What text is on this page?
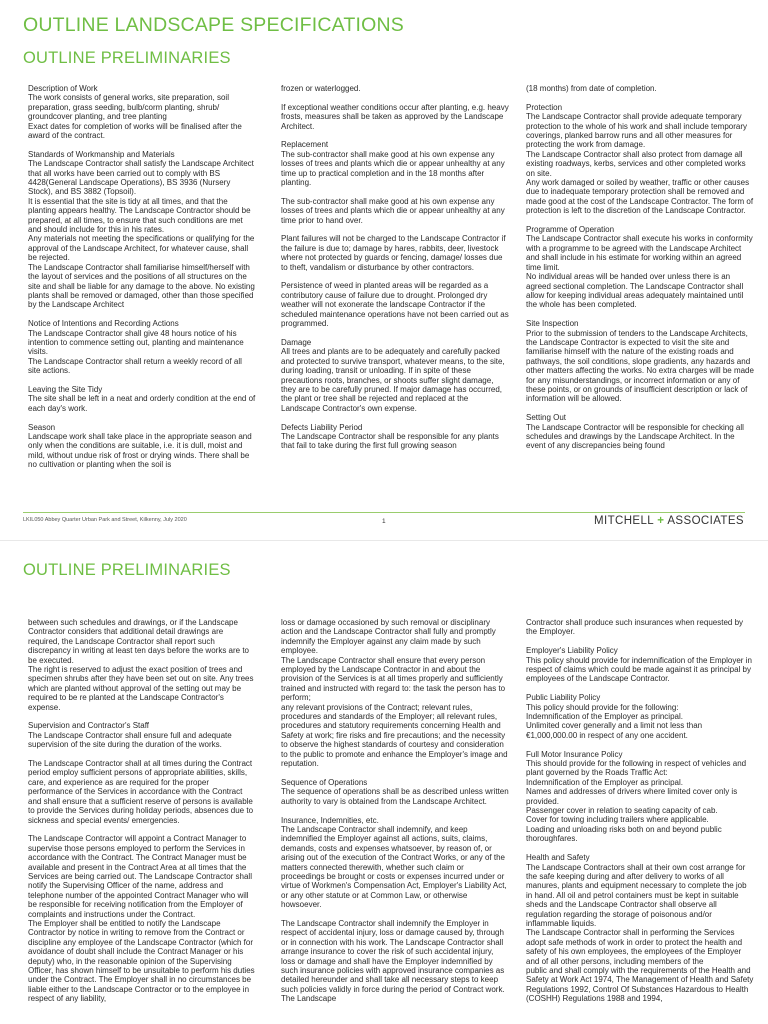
OUTLINE LANDSCAPE SPECIFICATIONS
OUTLINE PRELIMINARIES
Description of Work
The work consists of general works, site preparation, soil preparation, grass seeding, bulb/corm planting, shrub/ groundcover planting, and tree planting
Exact dates for completion of works will be finalised after the award of the contract.
Standards of Workmanship and Materials
The Landscape Contractor shall satisfy the Landscape Architect that all works have been carried out to comply with BS 4428(General Landscape Operations), BS 3936 (Nursery Stock), and BS 3882 (Topsoil).
It is essential that the site is tidy at all times, and that the planting appears healthy. The Landscape Contractor should be prepared, at all times, to ensure that such conditions are met and should include for this in his rates.
Any materials not meeting the specifications or qualifying for the approval of the Landscape Architect, for whatever cause, shall be rejected.
The Landscape Contractor shall familiarise himself/herself with the layout of services and the positions of all structures on the site and shall be liable for any damage to the above. No existing plants shall be removed or damaged, other than those specified by the Landscape Architect
Notice of Intentions and Recording Actions
The Landscape Contractor shall give 48 hours notice of his intention to commence setting out, planting and maintenance visits.
The Landscape Contractor shall return a weekly record of all site actions.
Leaving the Site Tidy
The site shall be left in a neat and orderly condition at the end of each day's work.
Season
Landscape work shall take place in the appropriate season and only when the conditions are suitable, i.e. it is dull, moist and mild, without undue risk of frost or drying winds. There shall be no cultivation or planting when the soil is
frozen or waterlogged.
If exceptional weather conditions occur after planting, e.g. heavy frosts, measures shall be taken as approved by the Landscape Architect.
Replacement
The sub-contractor shall make good at his own expense any losses of trees and plants which die or appear unhealthy at any time up to practical completion and in the 18 months after planting.
The sub-contractor shall make good at his own expense any losses of trees and plants which die or appear unhealthy at any time prior to hand over.
Plant failures will not be charged to the Landscape Contractor if the failure is due to; damage by hares, rabbits, deer, livestock where not protected by guards or fencing, damage/ losses due to theft, vandalism or disturbance by other contractors.
Persistence of weed in planted areas will be regarded as a contributory cause of failure due to drought. Prolonged dry weather will not exonerate the landscape Contractor if the scheduled maintenance operations have not been carried out as programmed.
Damage
All trees and plants are to be adequately and carefully packed and protected to survive transport, whatever means, to the site, during loading, transit or unloading. If in spite of these precautions roots, branches, or shoots suffer slight damage, they are to be carefully pruned. If major damage has occurred, the plant or tree shall be rejected and replaced at the Landscape Contractor's own expense.
Defects Liability Period
The Landscape Contractor shall be responsible for any plants that fail to take during the first full growing season
(18 months) from date of completion.
Protection
The Landscape Contractor shall provide adequate temporary protection to the whole of his work and shall include temporary coverings, planked barrow runs and all other measures for protecting the work from damage.
The Landscape Contractor shall also protect from damage all existing roadways, kerbs, services and other completed works on site.
Any work damaged or soiled by weather, traffic or other causes due to inadequate temporary protection shall be removed and made good at the cost of the Landscape Contractor. The form of protection is left to the discretion of the Landscape Contractor.
Programme of Operation
The Landscape Contractor shall execute his works in conformity with a programme to be agreed with the Landscape Architect and shall include in his estimate for working within an agreed time limit.
No individual areas will be handed over unless there is an agreed sectional completion. The Landscape Contractor shall allow for keeping individual areas adequately maintained until the whole has been completed.
Site Inspection
Prior to the submission of tenders to the Landscape Architects, the Landscape Contractor is expected to visit the site and familiarise himself with the nature of the existing roads and pathways, the soil conditions, slope gradients, any hazards and other matters affecting the works. No extra charges will be made for any misunderstandings, or incorrect information or any of these points, or on grounds of insufficient description or lack of information will be allowed.
Setting Out
The Landscape Contractor will be responsible for checking all schedules and drawings by the Landscape Architect. In the event of any discrepancies being found
LKIL050 Abbey Quarter Urban Park and Street, Kilkenny, July 2020	1	MITCHELL + ASSOCIATES
OUTLINE PRELIMINARIES
between such schedules and drawings, or if the Landscape Contractor considers that additional detail drawings are required, the Landscape Contractor shall report such discrepancy in writing at least ten days before the works are to be executed.
The right is reserved to adjust the exact position of trees and specimen shrubs after they have been set out on site. Any trees which are planted without approval of the setting out may be required to be re planted at the Landscape Contractor's expense.
Supervision and Contractor's Staff
The Landscape Contractor shall ensure full and adequate supervision of the site during the duration of the works.
The Landscape Contractor shall at all times during the Contract period employ sufficient persons of appropriate abilities, skills, care, and experience as are required for the proper performance of the Services in accordance with the Contract and shall ensure that a sufficient reserve of persons is available to provide the Services during holiday periods, absences due to sickness and special events/ emergencies.
The Landscape Contractor will appoint a Contract Manager to supervise those persons employed to perform the Services in accordance with the Contract. The Contract Manager must be available and present in the Contract Area at all times that the Services are being carried out. The Landscape Contractor shall notify the Supervising Officer of the name, address and telephone number of the appointed Contract Manager who will be responsible for receiving notification from the Employer of complaints and instructions under the Contract.
The Employer shall be entitled to notify the Landscape Contractor by notice in writing to remove from the Contract or discipline any employee of the Landscape Contractor (which for avoidance of doubt shall include the Contract Manager or his deputy) who, in the reasonable opinion of the Supervising Officer, has shown himself to be unsuitable to perform his duties under the Contract. The Employer shall in no circumstances be liable either to the Landscape Contractor or to the employee in respect of any liability,
loss or damage occasioned by such removal or disciplinary action and the Landscape Contractor shall fully and promptly indemnify the Employer against any claim made by such employee.
The Landscape Contractor shall ensure that every person employed by the Landscape Contractor in and about the provision of the Services is at all times properly and sufficiently trained and instructed with regard to: the task the person has to perform;
any relevant provisions of the Contract; relevant rules, procedures and standards of the Employer; all relevant rules, procedures and statutory requirements concerning Health and Safety at work; fire risks and fire precautions; and the necessity to observe the highest standards of courtesy and consideration to the public to promote and enhance the Employer's image and reputation.
Sequence of Operations
The sequence of operations shall be as described unless written authority to vary is obtained from the Landscape Architect.
Insurance, Indemnities, etc.
The Landscape Contractor shall indemnify, and keep indemnified the Employer against all actions, suits, claims, demands, costs and expenses whatsoever, by reason of, or arising out of the execution of the Contract Works, or any of the matters connected therewith, whether such claim or proceedings be brought or costs or expenses incurred under or virtue of Workmen's Compensation Act, Employer's Liability Act, or any other statute or at Common Law, or otherwise howsoever.
The Landscape Contractor shall indemnify the Employer in respect of accidental injury, loss or damage caused by, through or in connection with his work. The Landscape Contractor shall arrange insurance to cover the risk of such accidental injury, loss or damage and shall have the Employer indemnified by such insurance policies with approved insurance companies as detailed hereunder and shall take all necessary steps to keep such policies validly in force during the period of Contract work. The Landscape
Contractor shall produce such insurances when requested by the Employer.
Employer's Liability Policy
This policy should provide for indemnification of the Employer in respect of claims which could be made against it as principal by employees of the Landscape Contractor.
Public Liability Policy
This policy should provide for the following:
Indemnification of the Employer as principal.
Unlimited cover generally and a limit not less than €1,000,000.00 in respect of any one accident.
Full Motor Insurance Policy
This should provide for the following in respect of vehicles and plant governed by the Roads Traffic Act:
Indemnification of the Employer as principal.
Names and addresses of drivers where limited cover only is provided.
Passenger cover in relation to seating capacity of cab.
Cover for towing including trailers where applicable.
Loading and unloading risks both on and beyond public thoroughfares.
Health and Safety
The Landscape Contractors shall at their own cost arrange for the safe keeping during and after delivery to works of all manures, plants and equipment necessary to complete the job in hand. All oil and petrol containers must be kept in suitable sheds and the Landscape Contractor shall observe all regulation regarding the storage of poisonous and/or inflammable liquids.
The Landscape Contractor shall in performing the Services adopt safe methods of work in order to protect the health and safety of his own employees, the employees of the Employer and of all other persons, including members of the
public and shall comply with the requirements of the Health and Safety at Work Act 1974, The Management of Health and Safety Regulations 1992, Control Of Substances Hazardous to Health (COSHH) Regulations 1988 and 1994,
